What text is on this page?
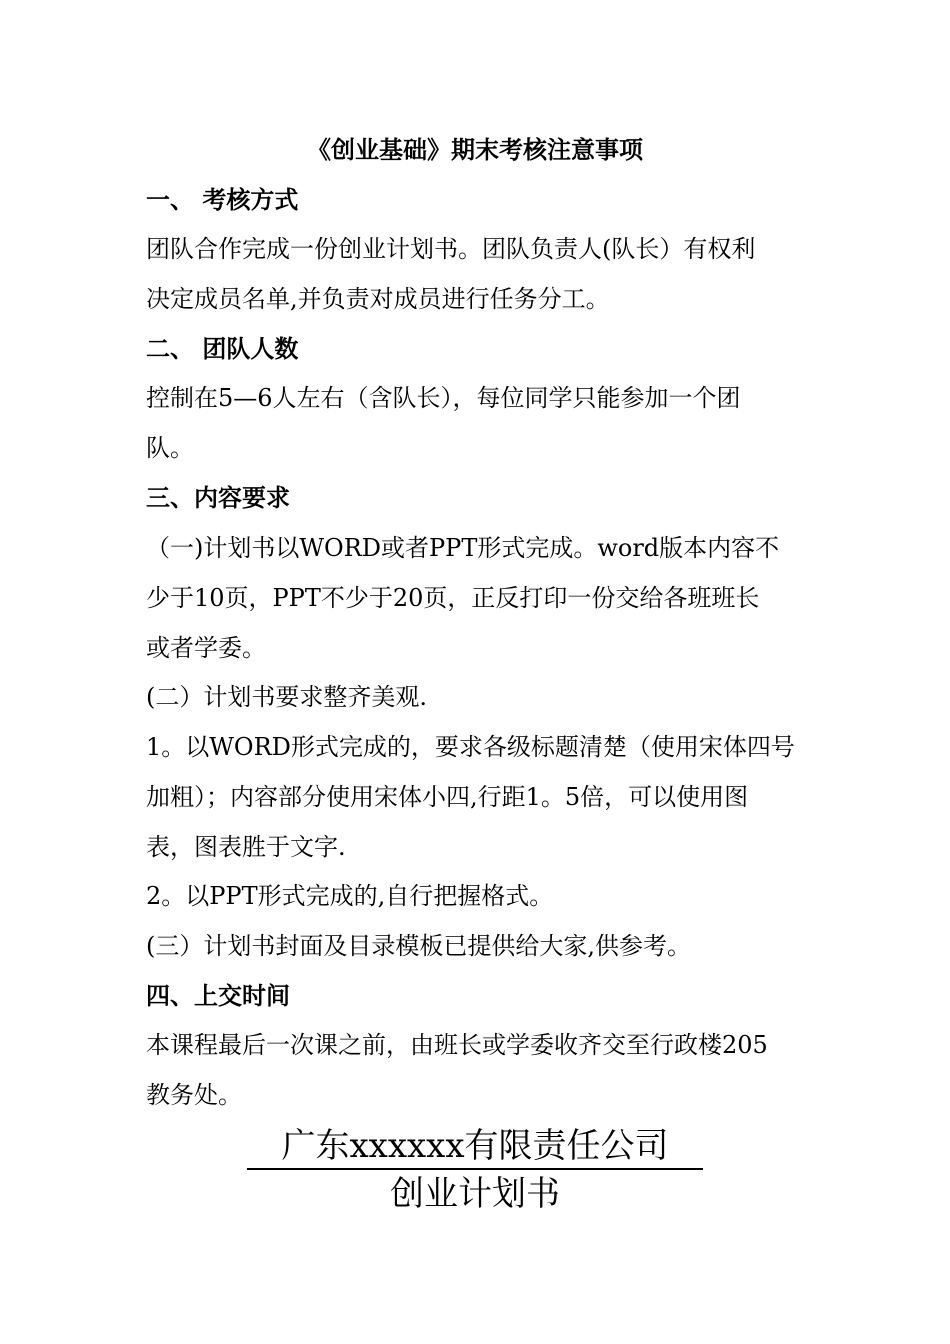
《创业基础》期末考核注意事项
一、 考核方式
团队合作完成一份创业计划书。团队负责人(队长）有权利
决定成员名单,并负责对成员进行任务分工。
二、 团队人数
控制在5—6人左右（含队长），每位同学只能参加一个团
队。
三、内容要求
（一)计划书以WORD或者PPT形式完成。word版本内容不
少于10页，PPT不少于20页，正反打印一份交给各班班长
或者学委。
(二）计划书要求整齐美观.
1。以WORD形式完成的，要求各级标题清楚（使用宋体四号
加粗）；内容部分使用宋体小四,行距1。5倍，可以使用图
表，图表胜于文字.
2。以PPT形式完成的,自行把握格式。
(三）计划书封面及目录模板已提供给大家,供参考。
四、上交时间
本课程最后一次课之前，由班长或学委收齐交至行政楼205
教务处。
广东xxxxxx有限责任公司
创业计划书
